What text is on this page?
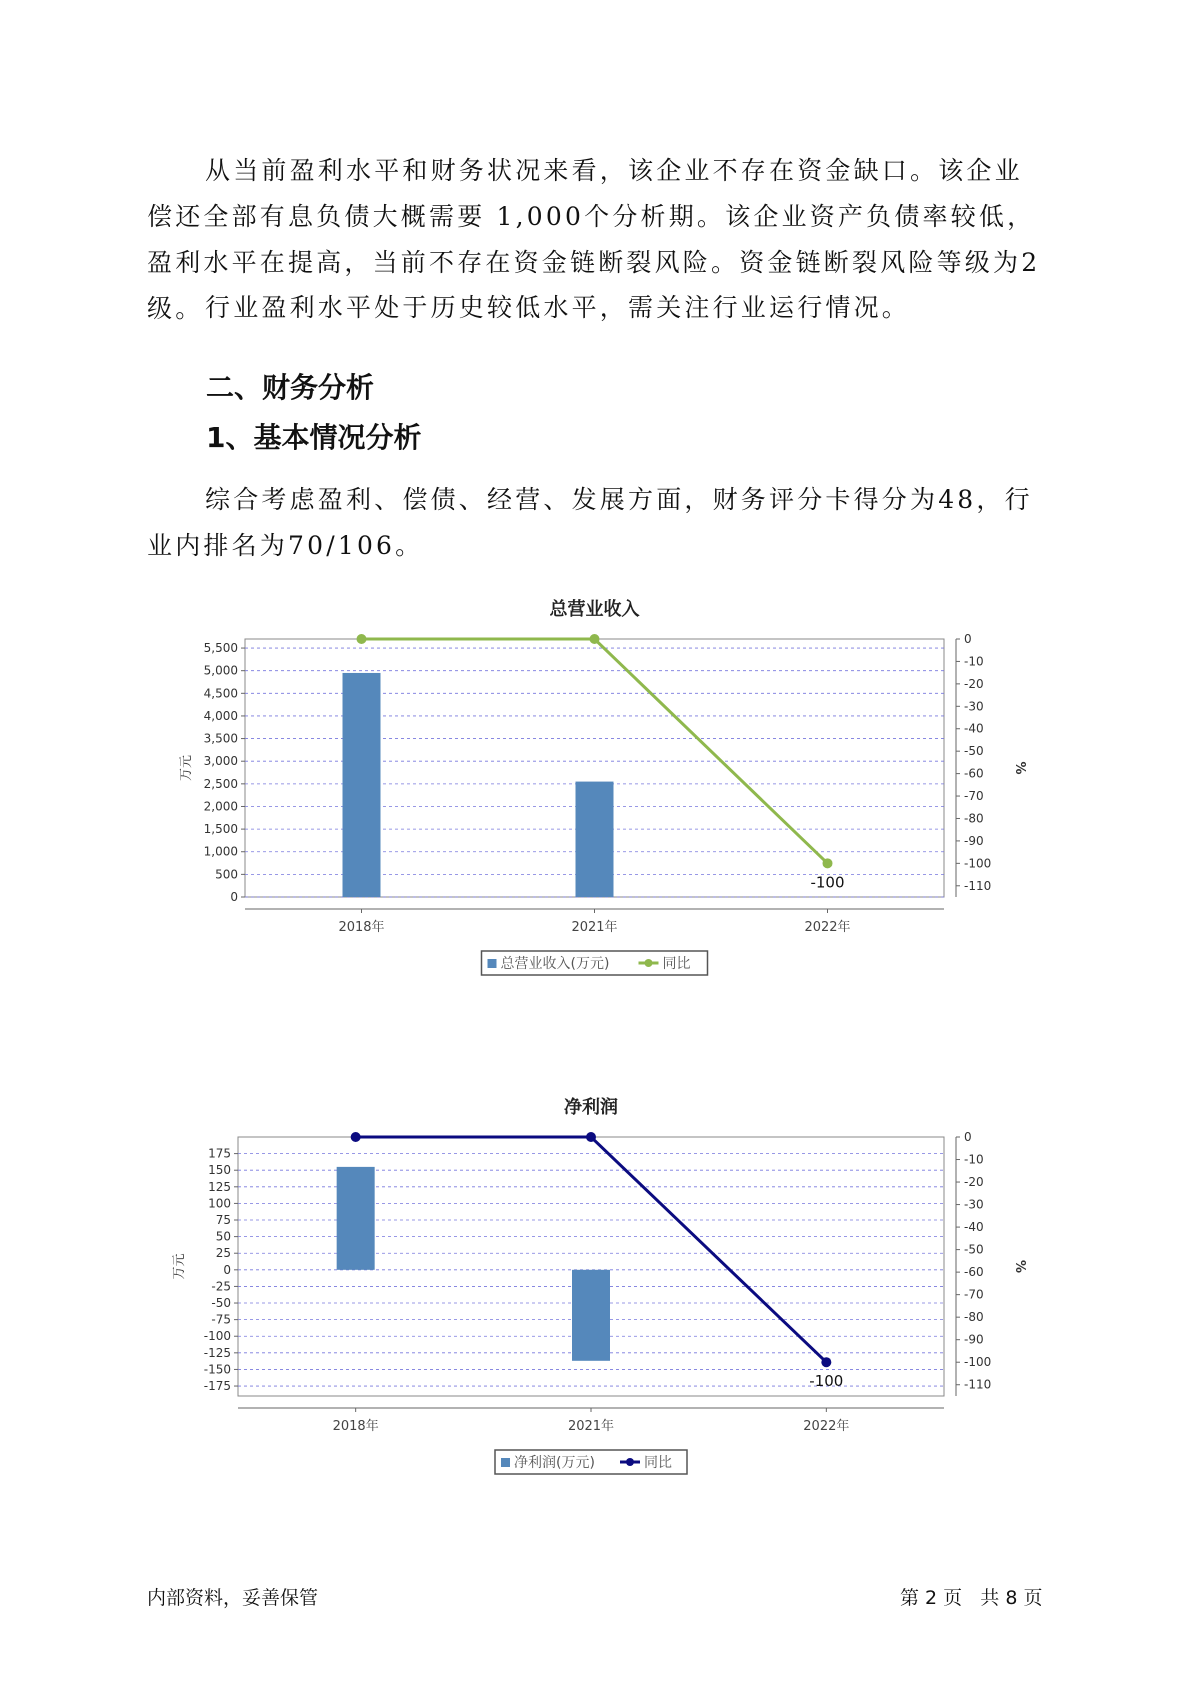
从当前盈利水平和财务状况来看，该企业不存在资金缺口。该企业偿还全部有息负债大概需要 1,000个分析期。该企业资产负债率较低，盈利水平在提高，当前不存在资金链断裂风险。资金链断裂风险等级为2级。 行业盈利水平处于历史较低水平，需关注行业运行情况。

二、财务分析
1、基本情况分析

综合考虑盈利、偿债、经营、发展方面，财务评分卡得分为48，行业内排名为70/106。

总营业收入
0
500
1,000
1,500
2,000
2,500
3,000
3,500
4,000
4,500
5,000
5,500
0
-10
-20
-30
-40
-50
-60
-70
-80
-90
-100
-110
万元	%
2018年	2021年	2022年
-100
总营业收入(万元)	同比
净利润
175
150
125
100
75
50
25
0
-25
-50
-75
-100
-125
-150
-175
0
-10
-20
-30
-40
-50
-60
-70
-80
-90
-100
-110
万元	%
2018年	2021年	2022年
-100
净利润(万元)	同比
内部资料，妥善保管	第 2 页   共 8 页
